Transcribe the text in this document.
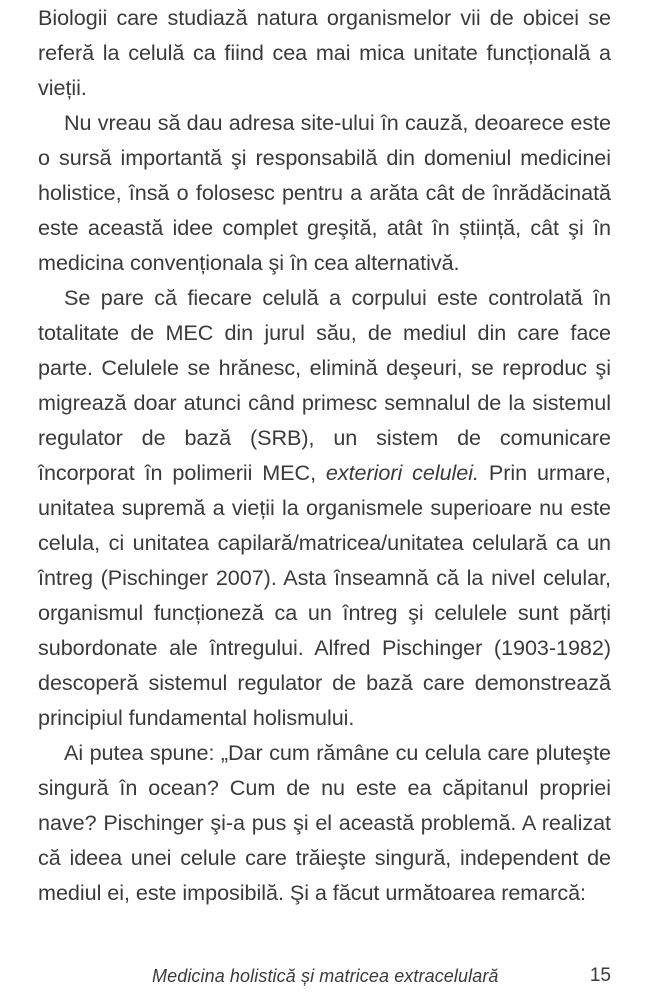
Biologii care studiază natura organismelor vii de obicei se referă la celulă ca fiind cea mai mica unitate funcțională a vieții.

Nu vreau să dau adresa site-ului în cauză, deoarece este o sursă importantă şi responsabilă din domeniul medicinei holistice, însă o folosesc pentru a arăta cât de înrădăcinată este această idee complet greşită, atât în știință, cât şi în medicina convenționala şi în cea alternativă.

Se pare că fiecare celulă a corpului este controlată în totalitate de MEC din jurul său, de mediul din care face parte. Celulele se hrănesc, elimină deşeuri, se reproduc şi migrează doar atunci când primesc semnalul de la sistemul regulator de bază (SRB), un sistem de comunicare încorporat în polimerii MEC, exteriori celulei. Prin urmare, unitatea supremă a vieții la organismele superioare nu este celula, ci unitatea capilară/matricea/unitatea celulară ca un întreg (Pischinger 2007). Asta înseamnă că la nivel celular, organismul funcționeză ca un întreg şi celulele sunt părți subordonate ale întregului. Alfred Pischinger (1903-1982) descoperă sistemul regulator de bază care demonstrează principiul fundamental holismului.

Ai putea spune: „Dar cum rămâne cu celula care pluteşte singură în ocean? Cum de nu este ea căpitanul propriei nave? Pischinger şi-a pus şi el această problemă. A realizat că ideea unei celule care trăieşte singură, independent de mediul ei, este imposibilă. Şi a făcut următoarea remarcă:

Medicina holistică și matricea extracelulară	15
